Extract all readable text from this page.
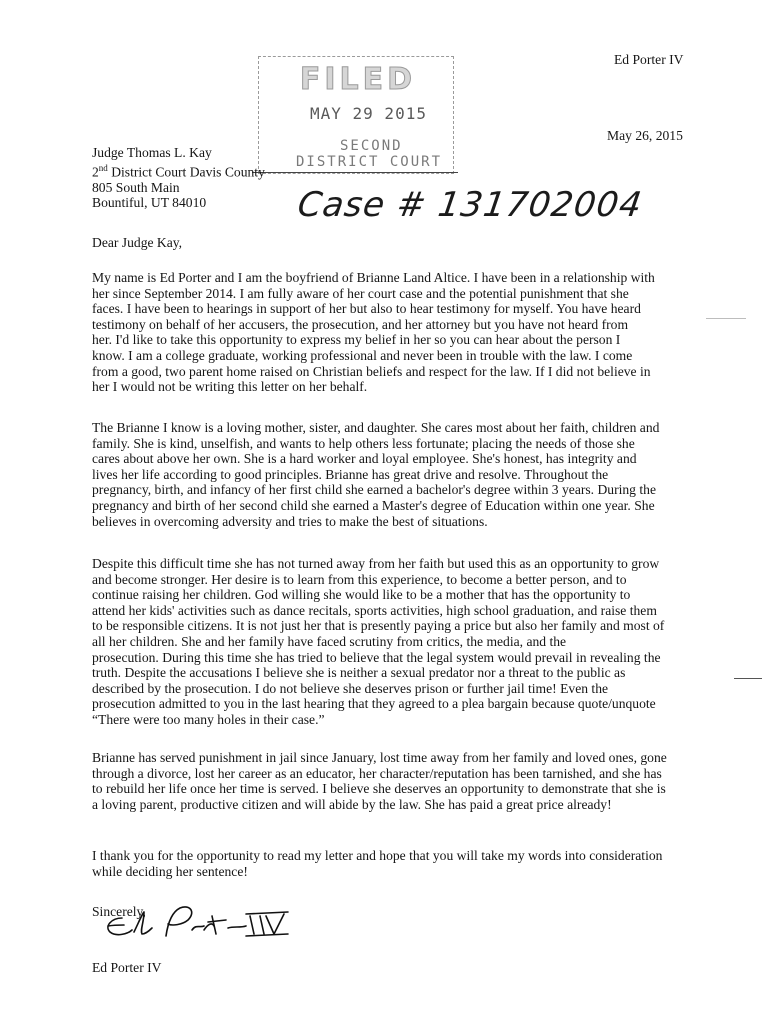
Ed Porter IV
May 26, 2015
FILED
MAY 29 2015
SECOND
DISTRICT COURT
Judge Thomas L. Kay
2nd District Court Davis County
805 South Main
Bountiful, UT 84010	Case # 131702004
Dear Judge Kay,
My name is Ed Porter and I am the boyfriend of Brianne Land Altice. I have been in a relationship with
her since September 2014. I am fully aware of her court case and the potential punishment that she
faces. I have been to hearings in support of her but also to hear testimony for myself. You have heard
testimony on behalf of her accusers, the prosecution, and her attorney but you have not heard from
her. I'd like to take this opportunity to express my belief in her so you can hear about the person I
know. I am a college graduate, working professional and never been in trouble with the law. I come
from a good, two parent home raised on Christian beliefs and respect for the law. If I did not believe in
her I would not be writing this letter on her behalf.
The Brianne I know is a loving mother, sister, and daughter. She cares most about her faith, children and
family. She is kind, unselfish, and wants to help others less fortunate; placing the needs of those she
cares about above her own. She is a hard worker and loyal employee. She's honest, has integrity and
lives her life according to good principles. Brianne has great drive and resolve. Throughout the
pregnancy, birth, and infancy of her first child she earned a bachelor's degree within 3 years. During the
pregnancy and birth of her second child she earned a Master's degree of Education within one year. She
believes in overcoming adversity and tries to make the best of situations.
Despite this difficult time she has not turned away from her faith but used this as an opportunity to grow
and become stronger. Her desire is to learn from this experience, to become a better person, and to
continue raising her children. God willing she would like to be a mother that has the opportunity to
attend her kids' activities such as dance recitals, sports activities, high school graduation, and raise them
to be responsible citizens. It is not just her that is presently paying a price but also her family and most of
all her children. She and her family have faced scrutiny from critics, the media, and the
prosecution. During this time she has tried to believe that the legal system would prevail in revealing the
truth. Despite the accusations I believe she is neither a sexual predator nor a threat to the public as
described by the prosecution. I do not believe she deserves prison or further jail time! Even the
prosecution admitted to you in the last hearing that they agreed to a plea bargain because quote/unquote
“There were too many holes in their case.”
Brianne has served punishment in jail since January, lost time away from her family and loved ones, gone
through a divorce, lost her career as an educator, her character/reputation has been tarnished, and she has
to rebuild her life once her time is served. I believe she deserves an opportunity to demonstrate that she is
a loving parent, productive citizen and will abide by the law. She has paid a great price already!
I thank you for the opportunity to read my letter and hope that you will take my words into consideration
while deciding her sentence!
Sincerely,
Ed Porter IV
